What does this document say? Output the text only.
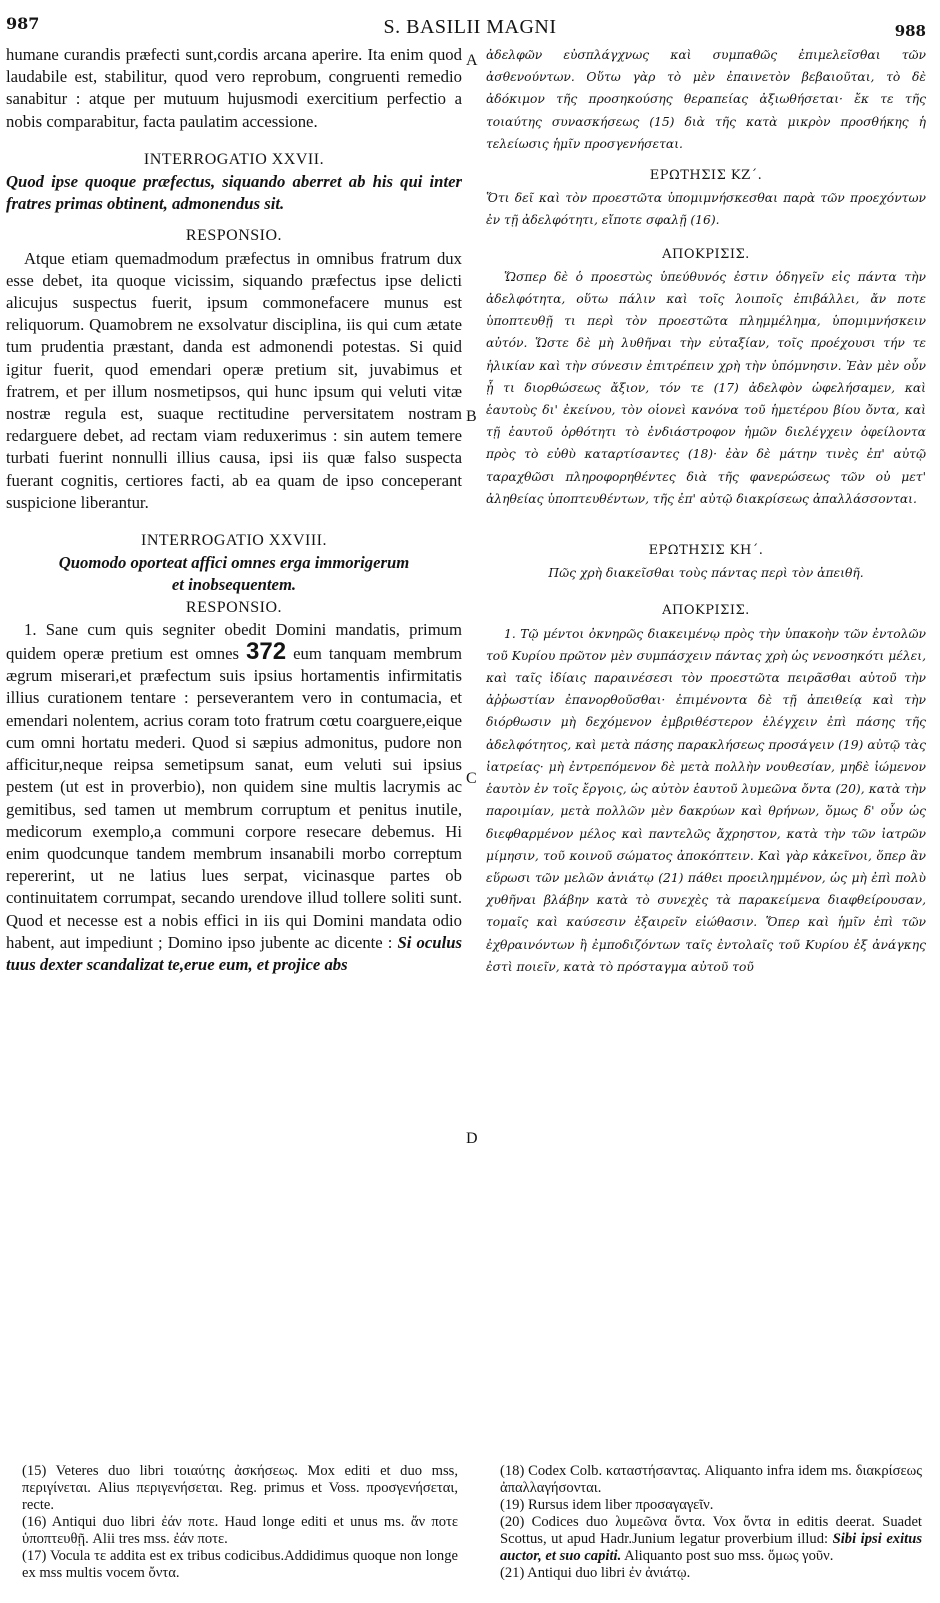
987	S. BASILII MAGNI	988
A
B
C
D

humane curandis præfecti sunt,cordis arcana aperire. Ita enim quod laudabile est, stabilitur, quod vero reprobum, congruenti remedio sanabitur : atque per mutuum hujusmodi exercitium perfectio a nobis comparabitur, facta paulatim accessione.

INTERROGATIO XXVII.

Quod ipse quoque præfectus, siquando aberret ab his qui inter fratres primas obtinent, admonendus sit.

RESPONSIO.

Atque etiam quemadmodum præfectus in omnibus fratrum dux esse debet, ita quoque vicissim, siquando præfectus ipse delicti alicujus suspectus fuerit, ipsum commonefacere munus est reliquorum. Quamobrem ne exsolvatur disciplina, iis qui cum ætate tum prudentia præstant, danda est admonendi potestas. Si quid igitur fuerit, quod emendari operæ pretium sit, juvabimus et fratrem, et per illum nosmetipsos, qui hunc ipsum qui veluti vitæ nostræ regula est, suaque rectitudine perversitatem nostram redarguere debet, ad rectam viam reduxerimus : sin autem temere turbati fuerint nonnulli illius causa, ipsi iis quæ falso suspecta fuerant cognitis, certiores facti, ab ea quam de ipso conceperant suspicione liberantur.

INTERROGATIO XXVIII.

Quomodo oporteat affici omnes erga immorigerum

et inobsequentem.

RESPONSIO.

1. Sane cum quis segniter obedit Domini mandatis, primum quidem operæ pretium est omnes 372 eum tanquam membrum ægrum miserari,et præfectum suis ipsius hortamentis infirmitatis illius curationem tentare : perseverantem vero in contumacia, et emendari nolentem, acrius coram toto fratrum cœtu coarguere,eique cum omni hortatu mederi. Quod si sæpius admonitus, pudore non afficitur,neque reipsa semetipsum sanat, eum veluti sui ipsius pestem (ut est in proverbio), non quidem sine multis lacrymis ac gemitibus, sed tamen ut membrum corruptum et penitus inutile, medicorum exemplo,a communi corpore resecare debemus. Hi enim quodcunque tandem membrum insanabili morbo correptum repererint, ut ne latius lues serpat, vicinasque partes ob continuitatem corrumpat, secando urendove illud tollere soliti sunt. Quod et necesse est a nobis effici in iis qui Domini mandata odio habent, aut impediunt ; Domino ipso jubente ac dicente : Si oculus tuus dexter scandalizat te,erue eum, et projice abs

ἀδελφῶν εὐσπλάγχνως καὶ συμπαθῶς ἐπιμελεῖσθαι τῶν ἀσθενούντων. Οὕτω γὰρ τὸ μὲν ἐπαινετὸν βεβαιοῦται, τὸ δὲ ἀδόκιμον τῆς προσηκούσης θεραπείας ἀξιωθήσεται· ἔκ τε τῆς τοιαύτης συνασκήσεως (15) διὰ τῆς κατὰ μικρὸν προσθήκης ἡ τελείωσις ἡμῖν προσγενήσεται.

ΕΡΩΤΗΣΙΣ ΚΖ΄.

Ὅτι δεῖ καὶ τὸν προεστῶτα ὑπομιμνήσκεσθαι παρὰ τῶν προεχόντων ἐν τῇ ἀδελφότητι, εἴποτε σφαλῇ (16).

ΑΠΟΚΡΙΣΙΣ.

Ὥσπερ δὲ ὁ προεστὼς ὑπεύθυνός ἐστιν ὁδηγεῖν εἰς πάντα τὴν ἀδελφότητα, οὕτω πάλιν καὶ τοῖς λοιποῖς ἐπιβάλλει, ἄν ποτε ὑποπτευθῇ τι περὶ τὸν προεστῶτα πλημμέλημα, ὑπομιμνήσκειν αὐτόν. Ὥστε δὲ μὴ λυθῆναι τὴν εὐταξίαν, τοῖς προέχουσι τήν τε ἡλικίαν καὶ τὴν σύνεσιν ἐπιτρέπειν χρὴ τὴν ὑπόμνησιν. Ἐὰν μὲν οὖν ᾖ τι διορθώσεως ἄξιον, τόν τε (17) ἀδελφὸν ὠφελήσαμεν, καὶ ἑαυτοὺς δι' ἐκείνου, τὸν οἱονεὶ κανόνα τοῦ ἡμετέρου βίου ὄντα, καὶ τῇ ἑαυτοῦ ὀρθότητι τὸ ἐνδιάστροφον ἡμῶν διελέγχειν ὀφείλοντα πρὸς τὸ εὐθὺ καταρτίσαντες (18)· ἐὰν δὲ μάτην τινὲς ἐπ' αὐτῷ ταραχθῶσι πληροφορηθέντες διὰ τῆς φανερώσεως τῶν οὐ μετ' ἀληθείας ὑποπτευθέντων, τῆς ἐπ' αὐτῷ διακρίσεως ἀπαλλάσσονται.

ΕΡΩΤΗΣΙΣ ΚΗ΄.

Πῶς χρὴ διακεῖσθαι τοὺς πάντας περὶ τὸν ἀπειθῆ.

ΑΠΟΚΡΙΣΙΣ.

1. Τῷ μέντοι ὀκνηρῶς διακειμένῳ πρὸς τὴν ὑπακοὴν τῶν ἐντολῶν τοῦ Κυρίου πρῶτον μὲν συμπάσχειν πάντας χρὴ ὡς νενοσηκότι μέλει, καὶ ταῖς ἰδίαις παραινέσεσι τὸν προεστῶτα πειρᾶσθαι αὐτοῦ τὴν ἀῤῥωστίαν ἐπανορθοῦσθαι· ἐπιμένοντα δὲ τῇ ἀπειθείᾳ καὶ τὴν διόρθωσιν μὴ δεχόμενον ἐμβριθέστερον ἐλέγχειν ἐπὶ πάσης τῆς ἀδελφότητος, καὶ μετὰ πάσης παρακλήσεως προσάγειν (19) αὐτῷ τὰς ἰατρείας· μὴ ἐντρεπόμενον δὲ μετὰ πολλὴν νουθεσίαν, μηδὲ ἰώμενον ἑαυτὸν ἐν τοῖς ἔργοις, ὡς αὐτὸν ἑαυτοῦ λυμεῶνα ὄντα (20), κατὰ τὴν παροιμίαν, μετὰ πολλῶν μὲν δακρύων καὶ θρήνων, ὅμως δ' οὖν ὡς διεφθαρμένον μέλος καὶ παντελῶς ἄχρηστον, κατὰ τὴν τῶν ἰατρῶν μίμησιν, τοῦ κοινοῦ σώματος ἀποκόπτειν. Καὶ γὰρ κἀκεῖνοι, ὅπερ ἂν εὕρωσι τῶν μελῶν ἀνιάτῳ (21) πάθει προειλημμένον, ὡς μὴ ἐπὶ πολὺ χυθῆναι βλάβην κατὰ τὸ συνεχὲς τὰ παρακείμενα διαφθείρουσαν, τομαῖς καὶ καύσεσιν ἐξαιρεῖν εἰώθασιν. Ὅπερ καὶ ἡμῖν ἐπὶ τῶν ἐχθραινόντων ἢ ἐμποδιζόντων ταῖς ἐντολαῖς τοῦ Κυρίου ἐξ ἀνάγκης ἐστὶ ποιεῖν, κατὰ τὸ πρόσταγμα αὐτοῦ τοῦ

(15) Veteres duo libri τοιαύτης ἀσκήσεως. Mox editi et duo mss, περιγίνεται. Alius περιγενήσεται. Reg. primus et Voss. προσγενήσεται, recte.

(16) Antiqui duo libri ἐάν ποτε. Haud longe editi et unus ms. ἄν ποτε ὑποπτευθῇ. Alii tres mss. ἐάν ποτε.

(17) Vocula τε addita est ex tribus codicibus.Addidimus quoque non longe ex mss multis vocem ὄντα.

(18) Codex Colb. καταστήσαντας. Aliquanto infra idem ms. διακρίσεως ἀπαλλαγήσονται.

(19) Rursus idem liber προσαγαγεῖν.

(20) Codices duo λυμεῶνα ὄντα. Vox ὄντα in editis deerat. Suadet Scottus, ut apud Hadr.Junium legatur proverbium illud: Sibi ipsi exitus auctor, et suo capiti. Aliquanto post suo mss. ὅμως γοῦν.

(21) Antiqui duo libri ἐν ἀνιάτῳ.
